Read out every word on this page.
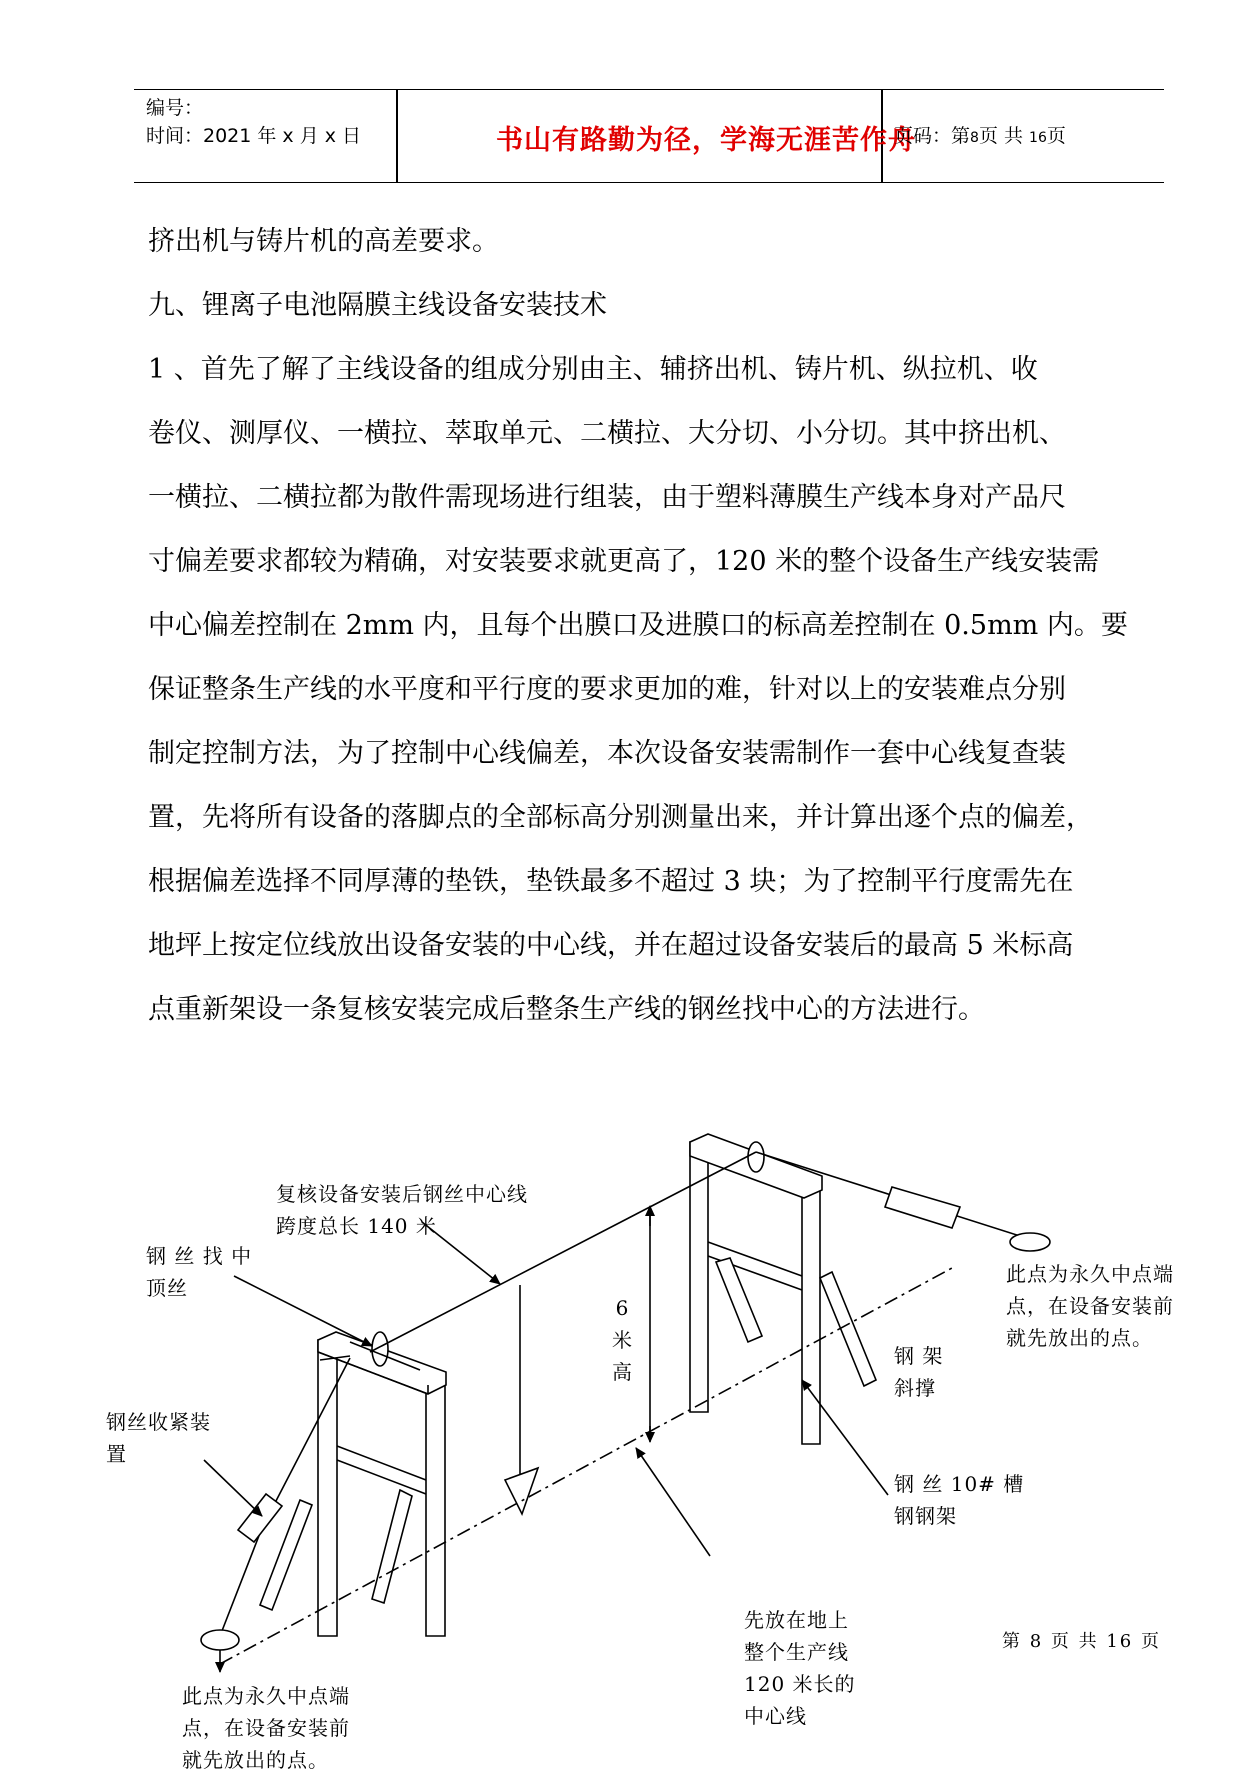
编号：
时间：2021 年 x 月 x 日	书山有路勤为径，学海无涯苦作舟
页码：第8页 共 16页

挤出机与铸片机的高差要求。

九、锂离子电池隔膜主线设备安装技术

1 、首先了解了主线设备的组成分别由主、辅挤出机、铸片机、纵拉机、收

卷仪、测厚仪、一横拉、萃取单元、二横拉、大分切、小分切。其中挤出机、

一横拉、二横拉都为散件需现场进行组装，由于塑料薄膜生产线本身对产品尺

寸偏差要求都较为精确，对安装要求就更高了，120 米的整个设备生产线安装需

中心偏差控制在 2mm 内，且每个出膜口及进膜口的标高差控制在 0.5mm 内。要

保证整条生产线的水平度和平行度的要求更加的难，针对以上的安装难点分别

制定控制方法，为了控制中心线偏差，本次设备安装需制作一套中心线复查装

置，先将所有设备的落脚点的全部标高分别测量出来，并计算出逐个点的偏差，

根据偏差选择不同厚薄的垫铁，垫铁最多不超过 3 块；为了控制平行度需先在

地坪上按定位线放出设备安装的中心线，并在超过设备安装后的最高 5 米标高

点重新架设一条复核安装完成后整条生产线的钢丝找中心的方法进行。

复核设备安装后钢丝中心线
跨度总长 140 米
钢 丝 找 中
顶丝
钢丝收紧装
置
6
米
高
钢 架
斜撑
钢 丝 10# 槽
钢钢架
此点为永久中点端
点，在设备安装前
就先放出的点。
此点为永久中点端
点，在设备安装前
就先放出的点。
先放在地上
整个生产线
120 米长的
中心线
第 8 页 共 16 页
